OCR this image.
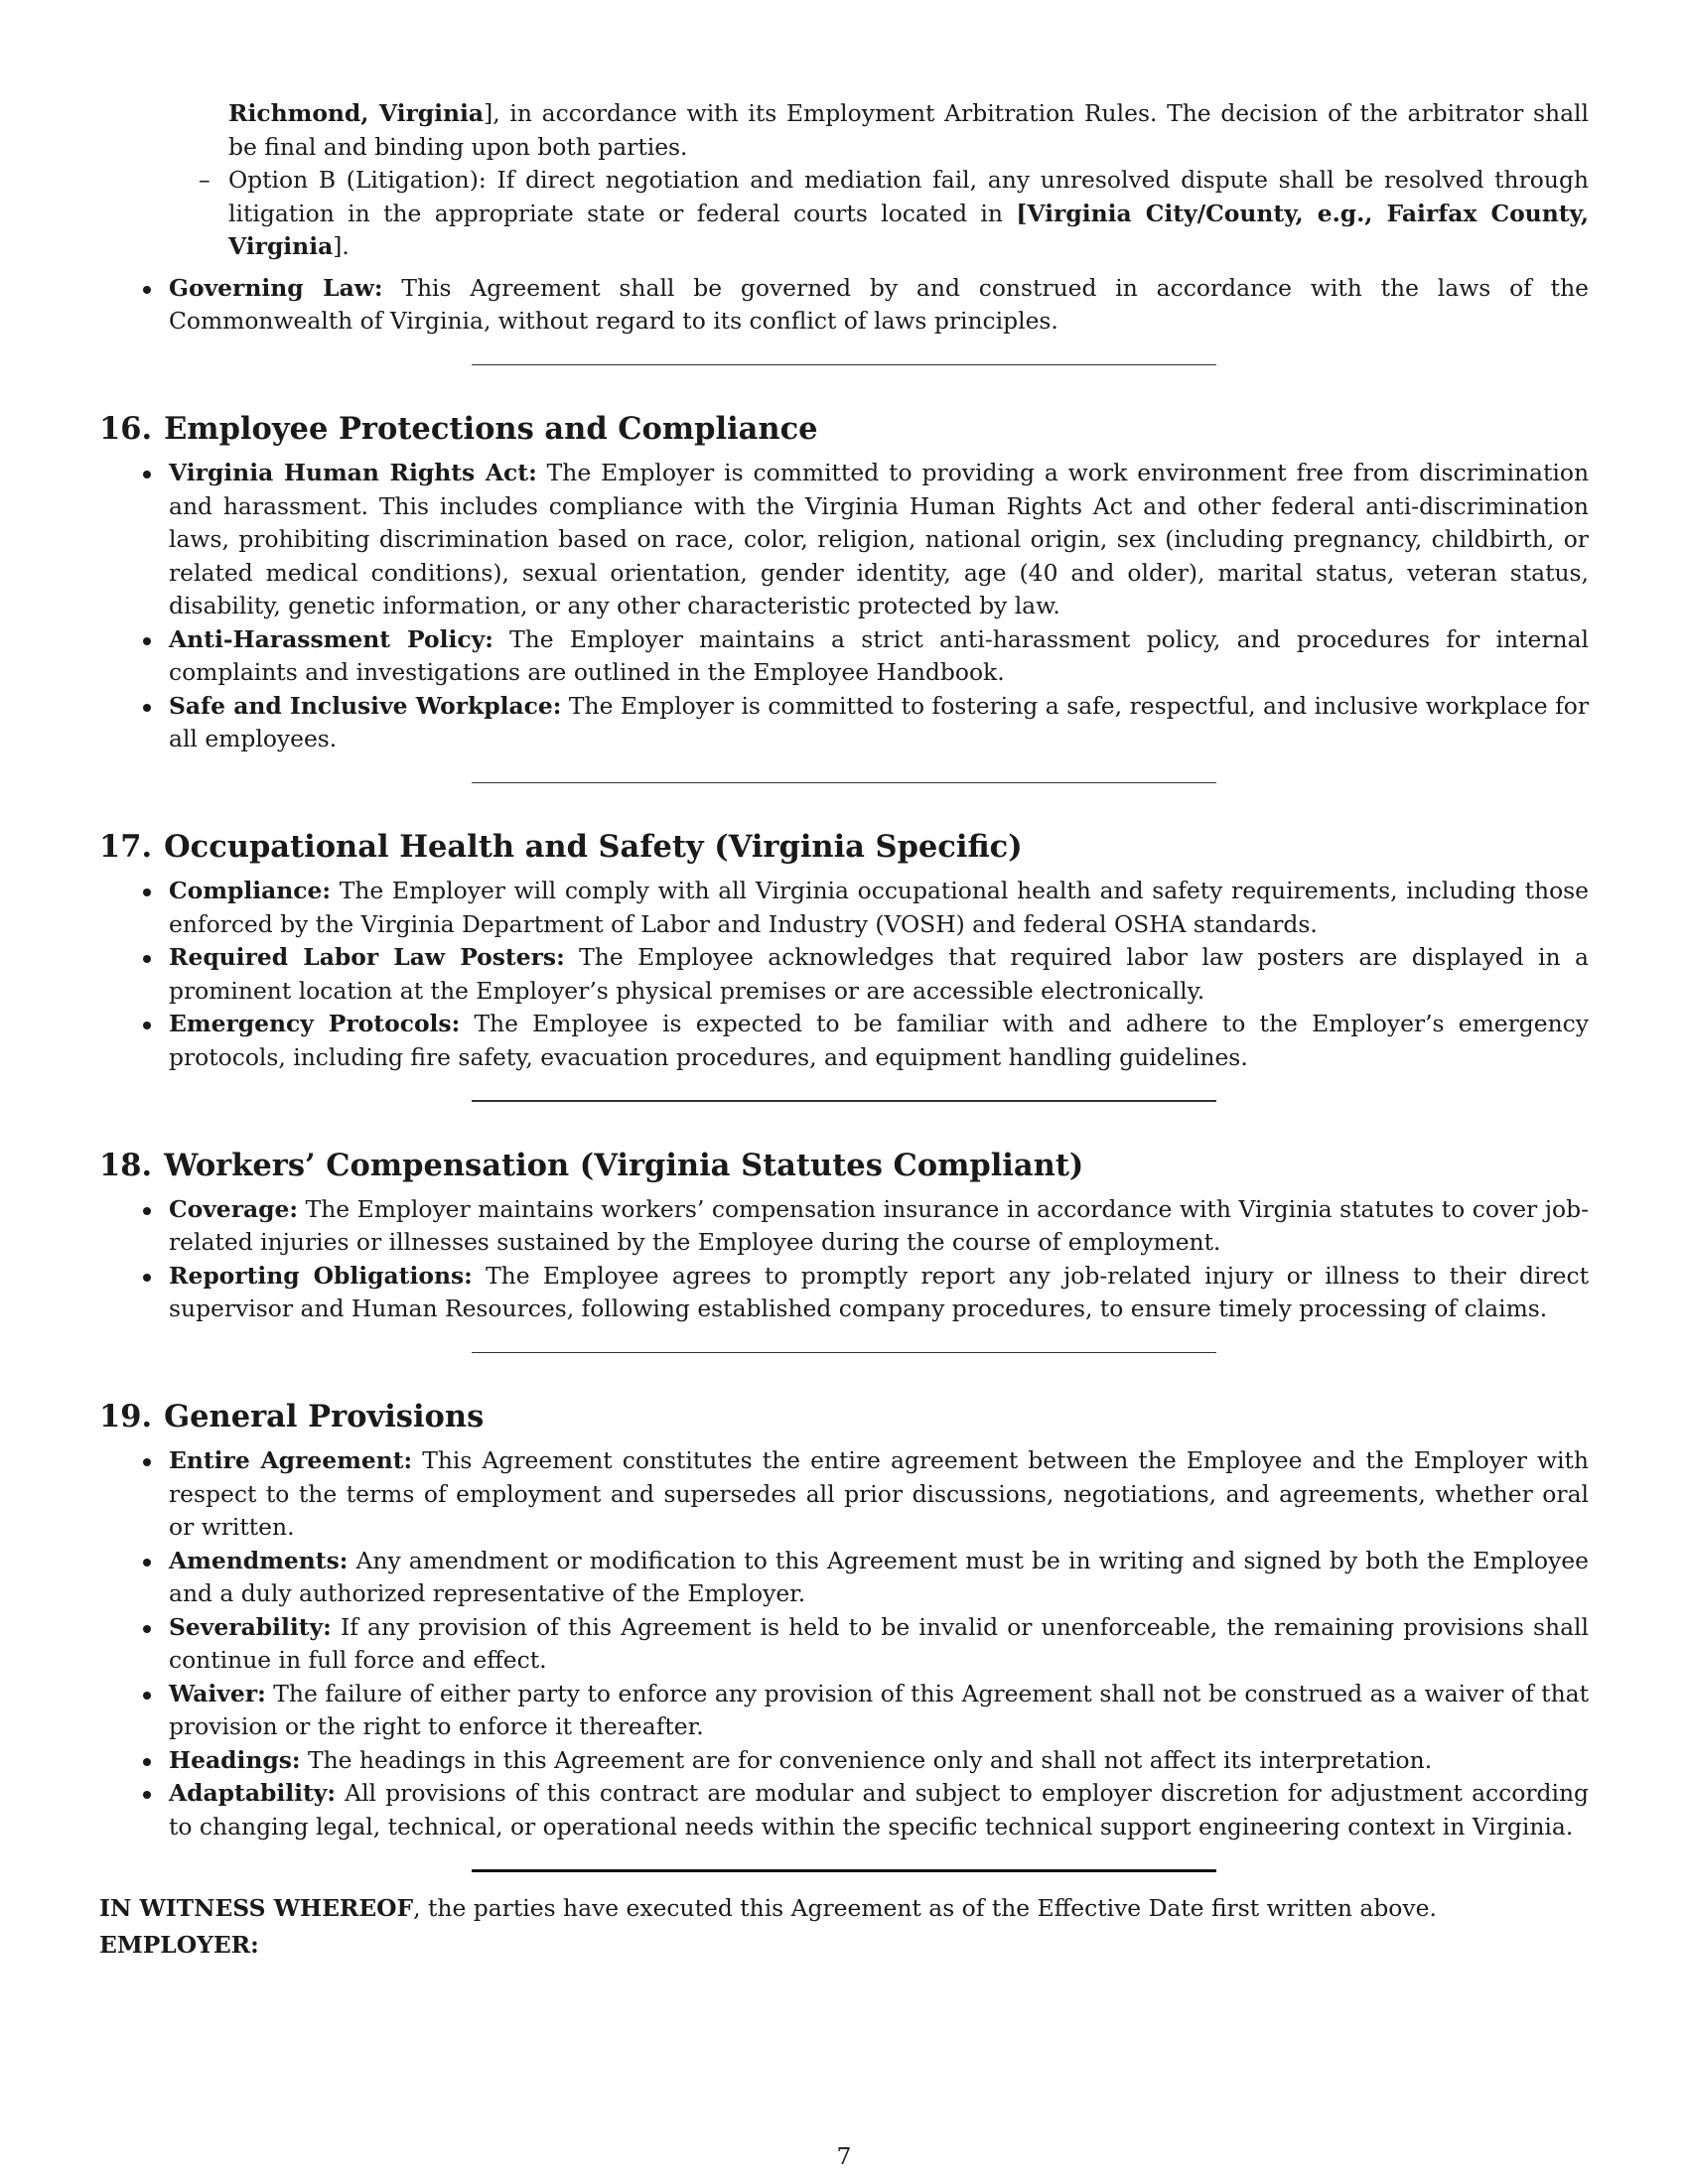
Richmond, Virginia], in accordance with its Employment Arbitration Rules. The decision of the arbitrator shall be final and binding upon both parties.

– Option B (Litigation): If direct negotiation and mediation fail, any unresolved dispute shall be resolved through litigation in the appropriate state or federal courts located in [Virginia City/County, e.g., Fairfax County, Virginia].
Governing Law: This Agreement shall be governed by and construed in accordance with the laws of the Commonwealth of Virginia, without regard to its conflict of laws principles.
16. Employee Protections and Compliance
Virginia Human Rights Act: The Employer is committed to providing a work environment free from discrimination and harassment. This includes compliance with the Virginia Human Rights Act and other federal anti-discrimination laws, prohibiting discrimination based on race, color, religion, national origin, sex (including pregnancy, childbirth, or related medical conditions), sexual orientation, gender identity, age (40 and older), marital status, veteran status, disability, genetic information, or any other characteristic protected by law.
Anti-Harassment Policy: The Employer maintains a strict anti-harassment policy, and procedures for internal complaints and investigations are outlined in the Employee Handbook.
Safe and Inclusive Workplace: The Employer is committed to fostering a safe, respectful, and inclusive workplace for all employees.
17. Occupational Health and Safety (Virginia Specific)
Compliance: The Employer will comply with all Virginia occupational health and safety requirements, including those enforced by the Virginia Department of Labor and Industry (VOSH) and federal OSHA standards.
Required Labor Law Posters: The Employee acknowledges that required labor law posters are displayed in a prominent location at the Employer’s physical premises or are accessible electronically.
Emergency Protocols: The Employee is expected to be familiar with and adhere to the Employer’s emergency protocols, including fire safety, evacuation procedures, and equipment handling guidelines.
18. Workers’ Compensation (Virginia Statutes Compliant)
Coverage: The Employer maintains workers’ compensation insurance in accordance with Virginia statutes to cover job-related injuries or illnesses sustained by the Employee during the course of employment.
Reporting Obligations: The Employee agrees to promptly report any job-related injury or illness to their direct supervisor and Human Resources, following established company procedures, to ensure timely processing of claims.
19. General Provisions
Entire Agreement: This Agreement constitutes the entire agreement between the Employee and the Employer with respect to the terms of employment and supersedes all prior discussions, negotiations, and agreements, whether oral or written.
Amendments: Any amendment or modification to this Agreement must be in writing and signed by both the Employee and a duly authorized representative of the Employer.
Severability: If any provision of this Agreement is held to be invalid or unenforceable, the remaining provisions shall continue in full force and effect.
Waiver: The failure of either party to enforce any provision of this Agreement shall not be construed as a waiver of that provision or the right to enforce it thereafter.
Headings: The headings in this Agreement are for convenience only and shall not affect its interpretation.
Adaptability: All provisions of this contract are modular and subject to employer discretion for adjustment according to changing legal, technical, or operational needs within the specific technical support engineering context in Virginia.

IN WITNESS WHEREOF, the parties have executed this Agreement as of the Effective Date first written above.

EMPLOYER:

7
